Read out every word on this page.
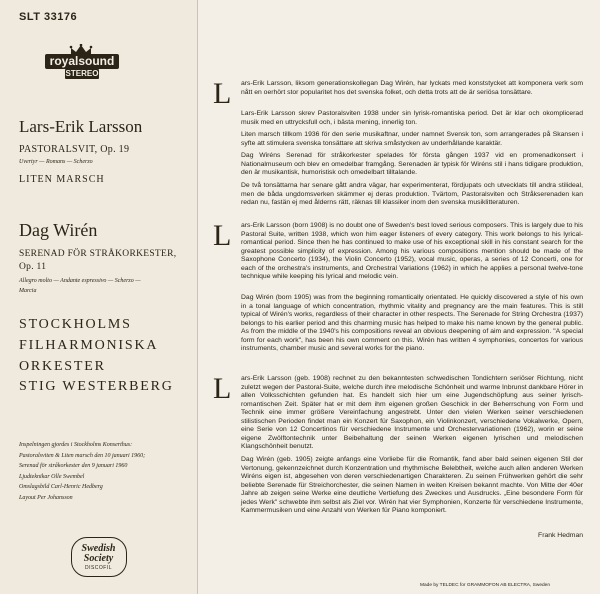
SLT 33176
royalsound
STEREO
Lars-Erik Larsson
PASTORALSVIT, Op. 19
Uvertyr — Romans — Scherzo
LITEN MARSCH
Dag Wirén
SERENAD FÖR STRÅKORKESTER,
Op. 11
Allegro molto — Andante espressivo — Scherzo —
Marcia
STOCKHOLMS
FILHARMONISKA
ORKESTER
STIG WESTERBERG
Inspelningen gjordes i Stockholms Konserthus:
Pastoralsviten & Liten marsch den 10 januari 1960;
Serenad för stråkorkester den 9 januari 1960
Ljudteknikar Olle Swembel
Omslagsbild Carl-Henric Hedberg
Layout Per Johansson
Swedish
Society
DISCOFIL
L ars-Erik Larsson, liksom generationskollegan Dag Wirén, har lyckats med konststycket att komponera verk som nått en oerhört stor popularitet hos det svenska folket, och detta trots att de är seriösa tonsättare.

Lars-Erik Larsson skrev Pastoralsviten 1938 under sin lyrisk-romantiska period. Det är klar och okomplicerad musik med en uttrycksfull och, i bästa mening, innerlig ton.

Liten marsch tillkom 1936 för den serie musikaftnar, under namnet Svensk ton, som arrangerades på Skansen i syfte att stimulera svenska tonsättare att skriva småstycken av underhållande karaktär.

Dag Wiréns Serenad för stråkorkester spelades för första gången 1937 vid en promenadkonsert i Nationalmuseum och blev en omedelbar framgång. Serenaden är typisk för Wiréns stil i hans tidigare produktion, den är musikantisk, humoristisk och omedelbart tilltalande.

De två tonsättarna har senare gått andra vägar, har experimenterat, fördjupats och utvecklats till andra stilideal, men de båda ungdomsverken skämmer ej deras produktion. Tvärtom, Pastoralsviten och Stråkserenaden kan redan nu, fastän ej med ålderns rätt, räknas till klassiker inom den svenska musiklitteraturen.

L ars-Erik Larsson (born 1908) is no doubt one of Sweden's best loved serious composers. This is largely due to his Pastoral Suite, written 1938, which won him eager listeners of every category. This work belongs to his lyrical-romantical period. Since then he has continued to make use of his exceptional skill in his constant search for the greatest possible simplicity of expression. Among his various compositions mention should be made of the Saxophone Concerto (1934), the Violin Concerto (1952), vocal music, operas, a series of 12 Concerti, one for each of the orchestra's instruments, and Orchestral Variations (1962) in which he applies a personal twelve-tone technique while keeping his lyrical and melodic vein.

Dag Wirén (born 1905) was from the beginning romantically orientated. He quickly discovered a style of his own in a tonal language of which concentration, rhythmic vitality and pregnancy are the main features. This is still typical of Wirén's works, regardless of their character in other respects. The Serenade for String Orchestra (1937) belongs to his earlier period and this charming music has helped to make his name known by the general public. As from the middle of the 1940's his compositions reveal an obvious deepening of aim and expression. "A special form for each work", has been his own comment on this. Wirén has written 4 symphonies, concertos for various instruments, chamber music and several works for the piano.

L ars-Erik Larsson (geb. 1908) rechnet zu den bekanntesten schwedischen Tondichtern seriöser Richtung, nicht zuletzt wegen der Pastoral-Suite, welche durch ihre melodische Schönheit und warme Inbrunst dankbare Hörer in allen Volksschichten gefunden hat. Es handelt sich hier um eine Jugendschöpfung aus seiner lyrisch-romantischen Zeit. Später hat er mit dem ihm eigenen großen Geschick in der Beherrschung von Form und Technik eine immer größere Vereinfachung angestrebt. Unter den vielen Werken seiner verschiedenen stilistischen Perioden findet man ein Konzert für Saxophon, ein Violinkonzert, verschiedene Vokalwerke, Opern, eine Serie von 12 Concertinos für verschiedene Instrumente und Orchestervariationen (1962), worin er seine eigene Zwölftontechnik unter Beibehaltung der seinen Werken eigenen lyrischen und melodischen Klangschönheit benutzt.

Dag Wirén (geb. 1905) zeigte anfangs eine Vorliebe für die Romantik, fand aber bald seinen eigenen Stil der Vertonung, gekennzeichnet durch Konzentration und rhythmische Belebtheit, welche auch allen anderen Werken Wiréns eigen ist, abgesehen von deren verschiedenartigen Charakteren. Zu seinen Frühwerken gehört die sehr beliebte Serenade für Streichorchester, die seinen Namen in weiten Kreisen bekannt machte. Von Mitte der 40er Jahre ab zeigen seine Werke eine deutliche Vertiefung des Zweckes und Ausdrucks. „Eine besondere Form für jedes Werk" schwebte ihm selbst als Ziel vor. Wirén hat vier Symphonien, Konzerte für verschiedene Instrumente, Kammermusiken und eine Anzahl von Werken für Piano komponiert.

Frank Hedman
Made by TELDEC for GRAMMOFON AB ELECTRA, Sweden
